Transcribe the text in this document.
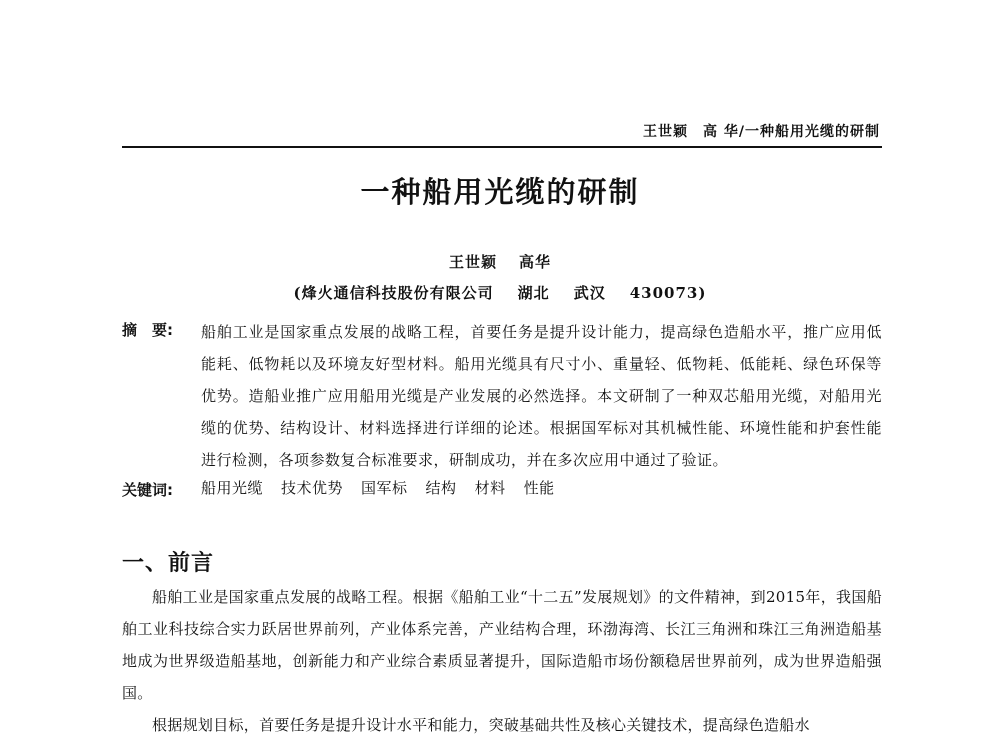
王世颖　高 华/一种船用光缆的研制
一种船用光缆的研制
王世颖 高华
(烽火通信科技股份有限公司 湖北 武汉 430073)
摘　要: 船舶工业是国家重点发展的战略工程，首要任务是提升设计能力，提高绿色造船水平，推广应用低能耗、低物耗以及环境友好型材料。船用光缆具有尺寸小、重量轻、低物耗、低能耗、绿色环保等优势。造船业推广应用船用光缆是产业发展的必然选择。本文研制了一种双芯船用光缆，对船用光缆的优势、结构设计、材料选择进行详细的论述。根据国军标对其机械性能、环境性能和护套性能进行检测，各项参数复合标准要求，研制成功，并在多次应用中通过了验证。
关键词: 船用光缆 技术优势 国军标 结构 材料 性能
一、前言

船舶工业是国家重点发展的战略工程。根据《船舶工业“十二五”发展规划》的文件精神，到2015年，我国船舶工业科技综合实力跃居世界前列，产业体系完善，产业结构合理，环渤海湾、长江三角洲和珠江三角洲造船基地成为世界级造船基地，创新能力和产业综合素质显著提升，国际造船市场份额稳居世界前列，成为世界造船强国。

根据规划目标，首要任务是提升设计水平和能力，突破基础共性及核心关键技术，提高绿色造船水
